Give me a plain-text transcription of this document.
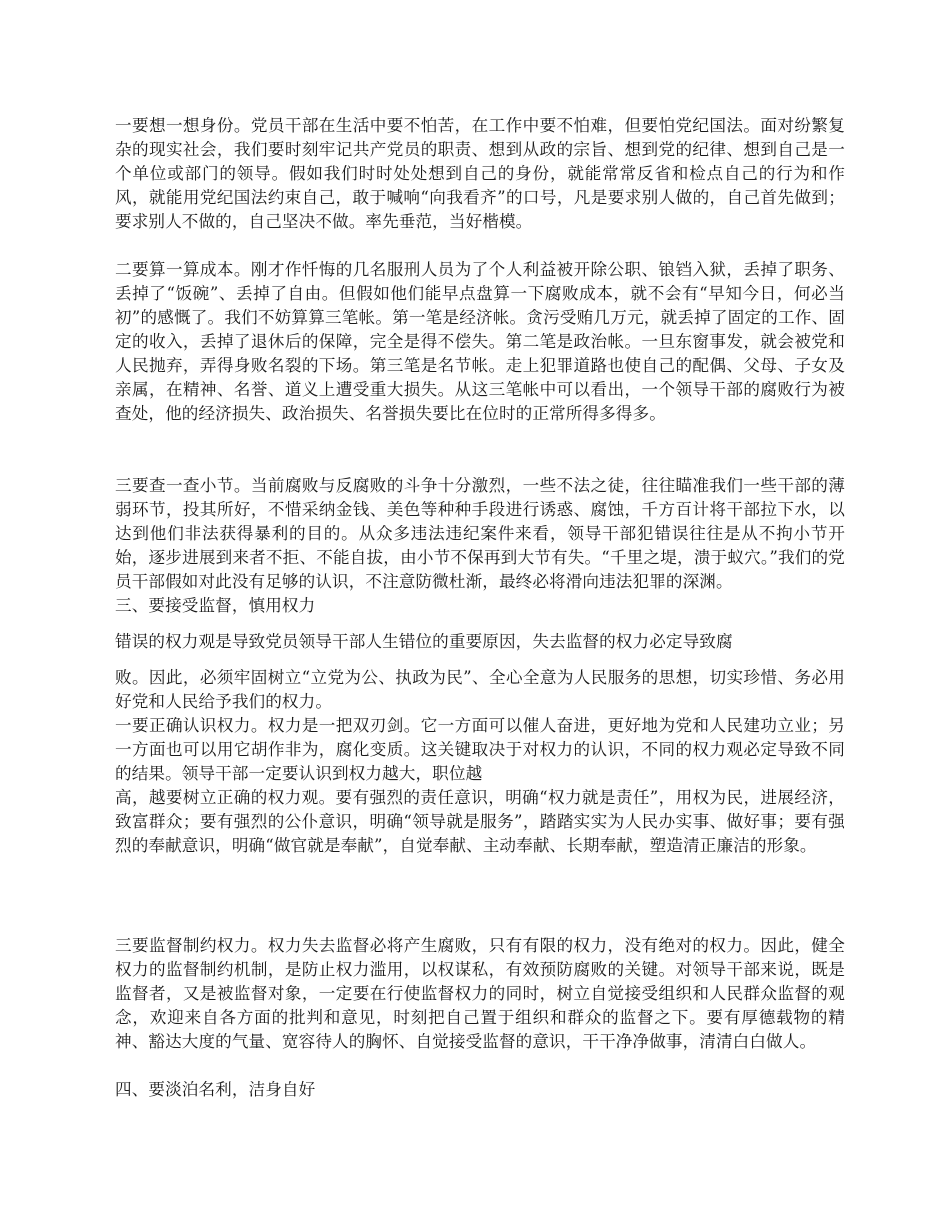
一要想一想身份。党员干部在生活中要不怕苦，在工作中要不怕难，但要怕党纪国法。面对纷繁复杂的现实社会，我们要时刻牢记共产党员的职责、想到从政的宗旨、想到党的纪律、想到自己是一个单位或部门的领导。假如我们时时处处想到自己的身份，就能常常反省和检点自己的行为和作风，就能用党纪国法约束自己，敢于喊响“向我看齐”的口号，凡是要求别人做的，自己首先做到；要求别人不做的，自己坚决不做。率先垂范，当好楷模。

二要算一算成本。刚才作忏悔的几名服刑人员为了个人利益被开除公职、锒铛入狱，丢掉了职务、丢掉了“饭碗”、丢掉了自由。但假如他们能早点盘算一下腐败成本，就不会有“早知今日，何必当初”的感慨了。我们不妨算算三笔帐。第一笔是经济帐。贪污受贿几万元，就丢掉了固定的工作、固定的收入，丢掉了退休后的保障，完全是得不偿失。第二笔是政治帐。一旦东窗事发，就会被党和人民抛弃，弄得身败名裂的下场。第三笔是名节帐。走上犯罪道路也使自己的配偶、父母、子女及亲属，在精神、名誉、道义上遭受重大损失。从这三笔帐中可以看出，一个领导干部的腐败行为被查处，他的经济损失、政治损失、名誉损失要比在位时的正常所得多得多。

三要查一查小节。当前腐败与反腐败的斗争十分激烈，一些不法之徒，往往瞄准我们一些干部的薄弱环节，投其所好，不惜采纳金钱、美色等种种手段进行诱惑、腐蚀，千方百计将干部拉下水，以达到他们非法获得暴利的目的。从众多违法违纪案件来看，领导干部犯错误往往是从不拘小节开始，逐步进展到来者不拒、不能自拔，由小节不保再到大节有失。“千里之堤，溃于蚁穴。”我们的党员干部假如对此没有足够的认识，不注意防微杜渐，最终必将滑向违法犯罪的深渊。

三、要接受监督，慎用权力

错误的权力观是导致党员领导干部人生错位的重要原因，失去监督的权力必定导致腐

败。因此，必须牢固树立“立党为公、执政为民”、全心全意为人民服务的思想，切实珍惜、务必用好党和人民给予我们的权力。

一要正确认识权力。权力是一把双刃剑。它一方面可以催人奋进，更好地为党和人民建功立业；另一方面也可以用它胡作非为，腐化变质。这关键取决于对权力的认识，不同的权力观必定导致不同的结果。领导干部一定要认识到权力越大，职位越

高，越要树立正确的权力观。要有强烈的责任意识，明确“权力就是责任”，用权为民，进展经济，致富群众；要有强烈的公仆意识，明确“领导就是服务”，踏踏实实为人民办实事、做好事；要有强烈的奉献意识，明确“做官就是奉献”，自觉奉献、主动奉献、长期奉献，塑造清正廉洁的形象。

三要监督制约权力。权力失去监督必将产生腐败，只有有限的权力，没有绝对的权力。因此，健全权力的监督制约机制，是防止权力滥用，以权谋私，有效预防腐败的关键。对领导干部来说，既是监督者，又是被监督对象，一定要在行使监督权力的同时，树立自觉接受组织和人民群众监督的观念，欢迎来自各方面的批判和意见，时刻把自己置于组织和群众的监督之下。要有厚德载物的精神、豁达大度的气量、宽容待人的胸怀、自觉接受监督的意识，干干净净做事，清清白白做人。

四、要淡泊名利，洁身自好
